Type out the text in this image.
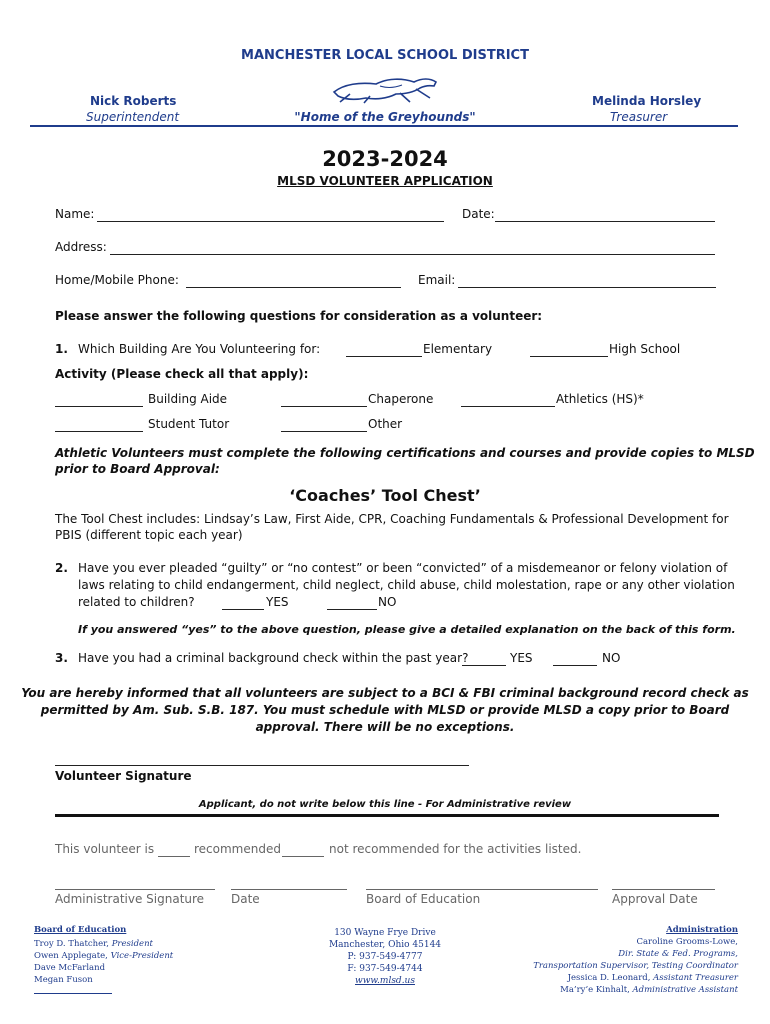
MANCHESTER LOCAL SCHOOL DISTRICT
Nick Roberts
Superintendent	"Home of the Greyhounds"
Melinda Horsley
Treasurer
2023-2024
MLSD VOLUNTEER APPLICATION
Name:	Date:
Address:
Home/Mobile Phone:	Email:
Please answer the following questions for consideration as a volunteer:
1. Which Building Are You Volunteering for:	Elementary	High School
Activity (Please check all that apply):
Building Aide	Chaperone	Athletics (HS)*
Student Tutor	Other
Athletic Volunteers must complete the following certifications and courses and provide copies to MLSD
prior to Board Approval:
‘Coaches’ Tool Chest’
The Tool Chest includes: Lindsay’s Law, First Aide, CPR, Coaching Fundamentals & Professional Development for
PBIS (different topic each year)
2. Have you ever pleaded “guilty” or “no contest” or been “convicted” of a misdemeanor or felony violation of
laws relating to child endangerment, child neglect, child abuse, child molestation, rape or any other violation
related to children?	YES	NO
If you answered “yes” to the above question, please give a detailed explanation on the back of this form.
3. Have you had a criminal background check within the past year?	YES	NO
You are hereby informed that all volunteers are subject to a BCI & FBI criminal background record check as
permitted by Am. Sub. S.B. 187. You must schedule with MLSD or provide MLSD a copy prior to Board
approval. There will be no exceptions.
Volunteer Signature
Applicant, do not write below this line - For Administrative review
This volunteer is	recommended	not recommended for the activities listed.
Administrative Signature Date	Board of Education	Approval Date
Board of Education
Troy D. Thatcher, President
Owen Applegate, Vice-President
Dave McFarland
Megan Fuson
130 Wayne Frye Drive
Manchester, Ohio 45144
P: 937-549-4777
F: 937-549-4744
www.mlsd.us
Administration
Caroline Grooms-Lowe,
Dir. State & Fed. Programs,
Transportation Supervisor, Testing Coordinator
Jessica D. Leonard, Assistant Treasurer
Ma’ry’e Kinhalt, Administrative Assistant
